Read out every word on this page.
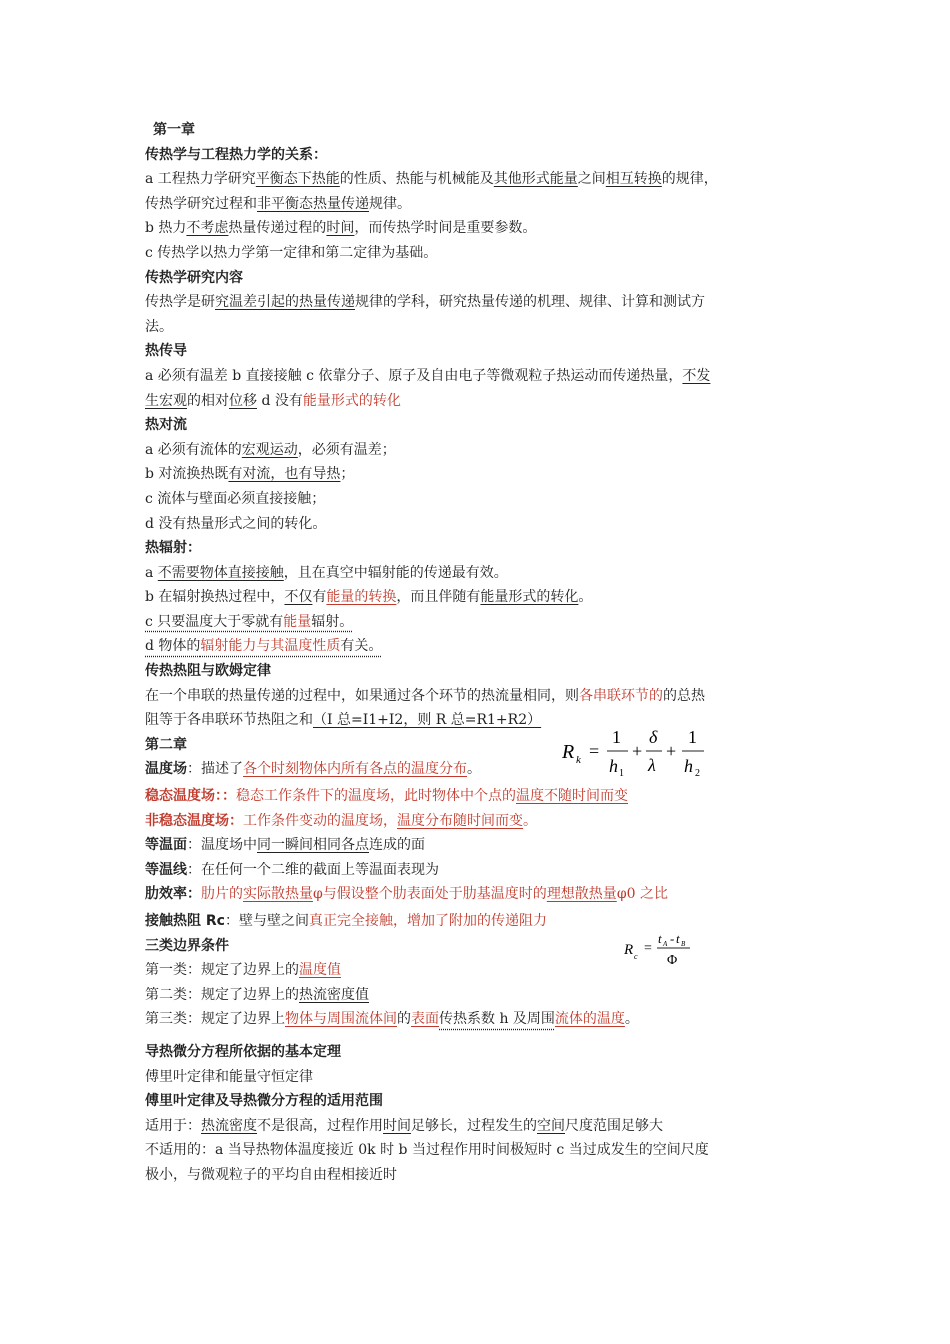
第一章
传热学与工程热力学的关系：
a 工程热力学研究平衡态下热能的性质、热能与机械能及其他形式能量之间相互转换的规律，
传热学研究过程和非平衡态热量传递规律。
b 热力不考虑热量传递过程的时间，而传热学时间是重要参数。
c 传热学以热力学第一定律和第二定律为基础。
传热学研究内容
传热学是研究温差引起的热量传递规律的学科，研究热量传递的机理、规律、计算和测试方
法。
热传导
a 必须有温差 b 直接接触 c 依靠分子、原子及自由电子等微观粒子热运动而传递热量，不发
生宏观的相对位移 d 没有能量形式的转化
热对流
a 必须有流体的宏观运动，必须有温差；
b 对流换热既有对流，也有导热；
c 流体与壁面必须直接接触；
d 没有热量形式之间的转化。
热辐射：
a 不需要物体直接接触，且在真空中辐射能的传递最有效。
b 在辐射换热过程中，不仅有能量的转换，而且伴随有能量形式的转化。
c 只要温度大于零就有能量辐射。
d 物体的辐射能力与其温度性质有关。
传热热阻与欧姆定律
在一个串联的热量传递的过程中，如果通过各个环节的热流量相同，则各串联环节的的总热
阻等于各串联环节热阻之和（I 总=I1+I2，则 R 总=R1+R2）
第二章
温度场：描述了各个时刻物体内所有各点的温度分布。
稳态温度场：：稳态工作条件下的温度场，此时物体中个点的温度不随时间而变
非稳态温度场：工作条件变动的温度场，温度分布随时间而变。
等温面：温度场中同一瞬间相同各点连成的面
等温线：在任何一个二维的截面上等温面表现为
肋效率：肋片的实际散热量φ与假设整个肋表面处于肋基温度时的理想散热量φ0 之比
接触热阻 Rc：壁与壁之间真正完全接触，增加了附加的传递阻力
三类边界条件
第一类：规定了边界上的温度值
第二类：规定了边界上的热流密度值
第三类：规定了边界上物体与周围流体间的表面传热系数 h 及周围流体的温度。
导热微分方程所依据的基本定理
傅里叶定律和能量守恒定律
傅里叶定律及导热微分方程的适用范围
适用于：热流密度不是很高，过程作用时间足够长，过程发生的空间尺度范围足够大
不适用的：a 当导热物体温度接近 0k 时 b 当过程作用时间极短时 c 当过成发生的空间尺度
极小，与微观粒子的平均自由程相接近时
R k =
1
h 1
+
δ
λ
+
1
h 2
R c
=
t A - t B
Φ
